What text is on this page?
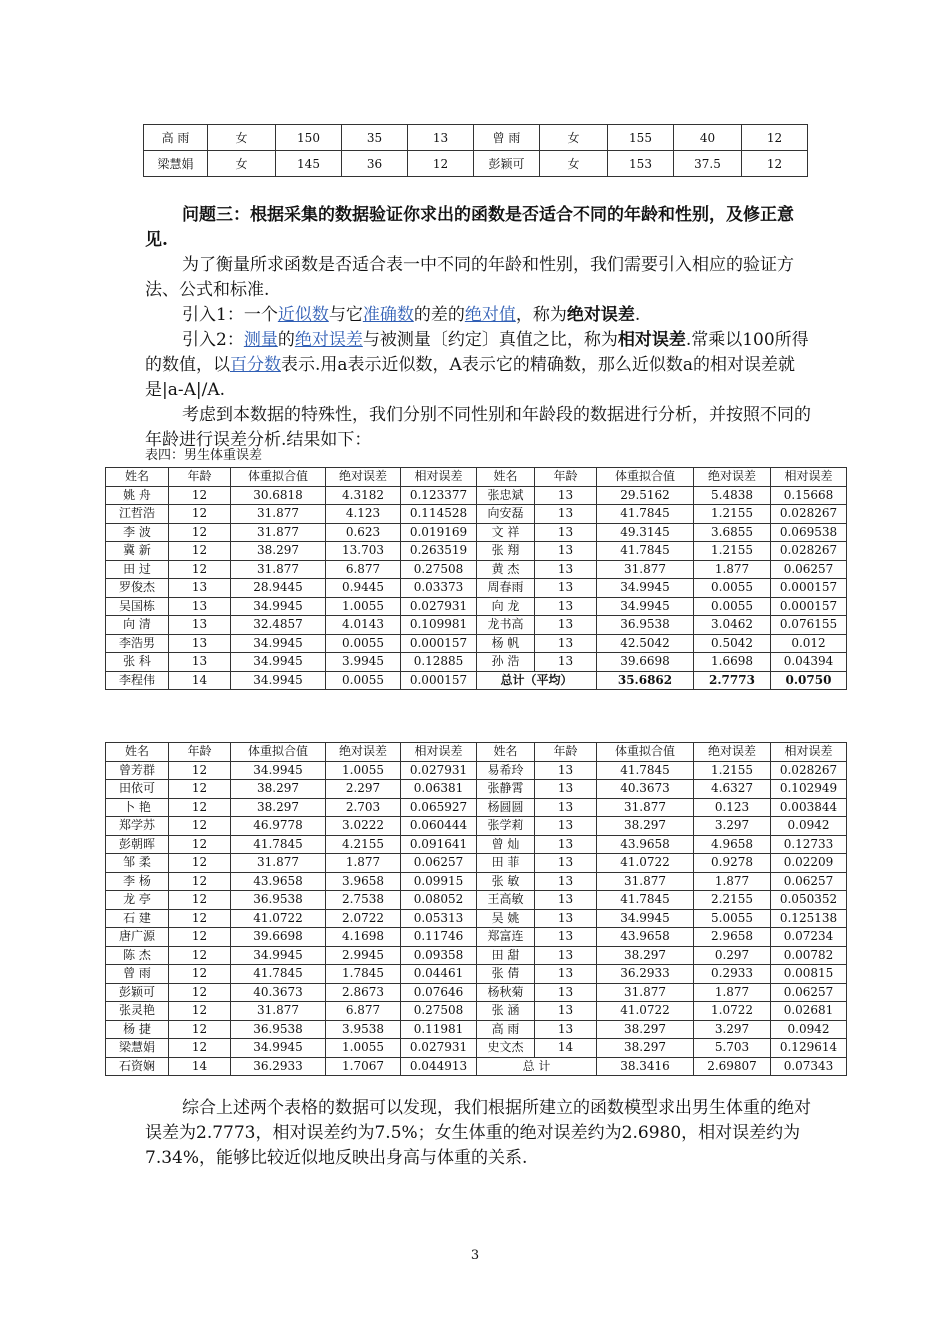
高 雨	女	150	35	13	曾 雨	女	155	40	12
梁慧娟	女	145	36	12	彭颖可	女	153	37.5	12

问题三：根据采集的数据验证你求出的函数是否适合不同的年龄和性别，及修正意见.

为了衡量所求函数是否适合表一中不同的年龄和性别，我们需要引入相应的验证方法、公式和标准.

引入1：一个近似数与它准确数的差的绝对值，称为绝对误差.

引入2：测量的绝对误差与被测量〔约定〕真值之比，称为相对误差.常乘以100所得的数值，以百分数表示.用a表示近似数，A表示它的精确数，那么近似数a的相对误差就是|a-A|/A.

考虑到本数据的特殊性，我们分别不同性别和年龄段的数据进行分析，并按照不同的年龄进行误差分析.结果如下：

表四：男生体重误差
姓名	年龄	体重拟合值	绝对误差	相对误差	姓名	年龄	体重拟合值	绝对误差	相对误差
姚 舟	12	30.6818	4.3182	0.123377	张忠斌	13	29.5162	5.4838	0.15668
江哲浩	12	31.877	4.123	0.114528	向安磊	13	41.7845	1.2155	0.028267
李 波	12	31.877	0.623	0.019169	文 祥	13	49.3145	3.6855	0.069538
冀 新	12	38.297	13.703	0.263519	张 翔	13	41.7845	1.2155	0.028267
田 过	12	31.877	6.877	0.27508	黄 杰	13	31.877	1.877	0.06257
罗俊杰	13	28.9445	0.9445	0.03373	周春雨	13	34.9945	0.0055	0.000157
吴国栋	13	34.9945	1.0055	0.027931	向 龙	13	34.9945	0.0055	0.000157
向 清	13	32.4857	4.0143	0.109981	龙书高	13	36.9538	3.0462	0.076155
李浩男	13	34.9945	0.0055	0.000157	杨 帆	13	42.5042	0.5042	0.012
张 科	13	34.9945	3.9945	0.12885	孙 浩	13	39.6698	1.6698	0.04394
李程伟	14	34.9945	0.0055	0.000157	总计（平均）		35.6862	2.7773	0.0750
姓名	年龄	体重拟合值	绝对误差	相对误差	姓名	年龄	体重拟合值	绝对误差	相对误差
曾芳群	12	34.9945	1.0055	0.027931	易希玲	13	41.7845	1.2155	0.028267
田依可	12	38.297	2.297	0.06381	张静霄	13	40.3673	4.6327	0.102949
卜 艳	12	38.297	2.703	0.065927	杨圆圆	13	31.877	0.123	0.003844
郑学苏	12	46.9778	3.0222	0.060444	张学莉	13	38.297	3.297	0.0942
彭朝晖	12	41.7845	4.2155	0.091641	曾 灿	13	43.9658	4.9658	0.12733
邹 柔	12	31.877	1.877	0.06257	田 菲	13	41.0722	0.9278	0.02209
李 杨	12	43.9658	3.9658	0.09915	张 敏	13	31.877	1.877	0.06257
龙 亭	12	36.9538	2.7538	0.08052	王高敏	13	41.7845	2.2155	0.050352
石 建	12	41.0722	2.0722	0.05313	吴 姚	13	34.9945	5.0055	0.125138
唐广源	12	39.6698	4.1698	0.11746	郑富连	13	43.9658	2.9658	0.07234
陈 杰	12	34.9945	2.9945	0.09358	田 甜	13	38.297	0.297	0.00782
曾 雨	12	41.7845	1.7845	0.04461	张 倩	13	36.2933	0.2933	0.00815
彭颖可	12	40.3673	2.8673	0.07646	杨秋菊	13	31.877	1.877	0.06257
张灵艳	12	31.877	6.877	0.27508	张 涵	13	41.0722	1.0722	0.02681
杨 捷	12	36.9538	3.9538	0.11981	高 雨	13	38.297	3.297	0.0942
梁慧娟	12	34.9945	1.0055	0.027931	史文杰	14	38.297	5.703	0.129614
石资娴	14	36.2933	1.7067	0.044913	总 计		38.3416	2.69807	0.07343

综合上述两个表格的数据可以发现，我们根据所建立的函数模型求出男生体重的绝对误差为2.7773，相对误差约为7.5%；女生体重的绝对误差约为2.6980，相对误差约为7.34%，能够比较近似地反映出身高与体重的关系.

3
